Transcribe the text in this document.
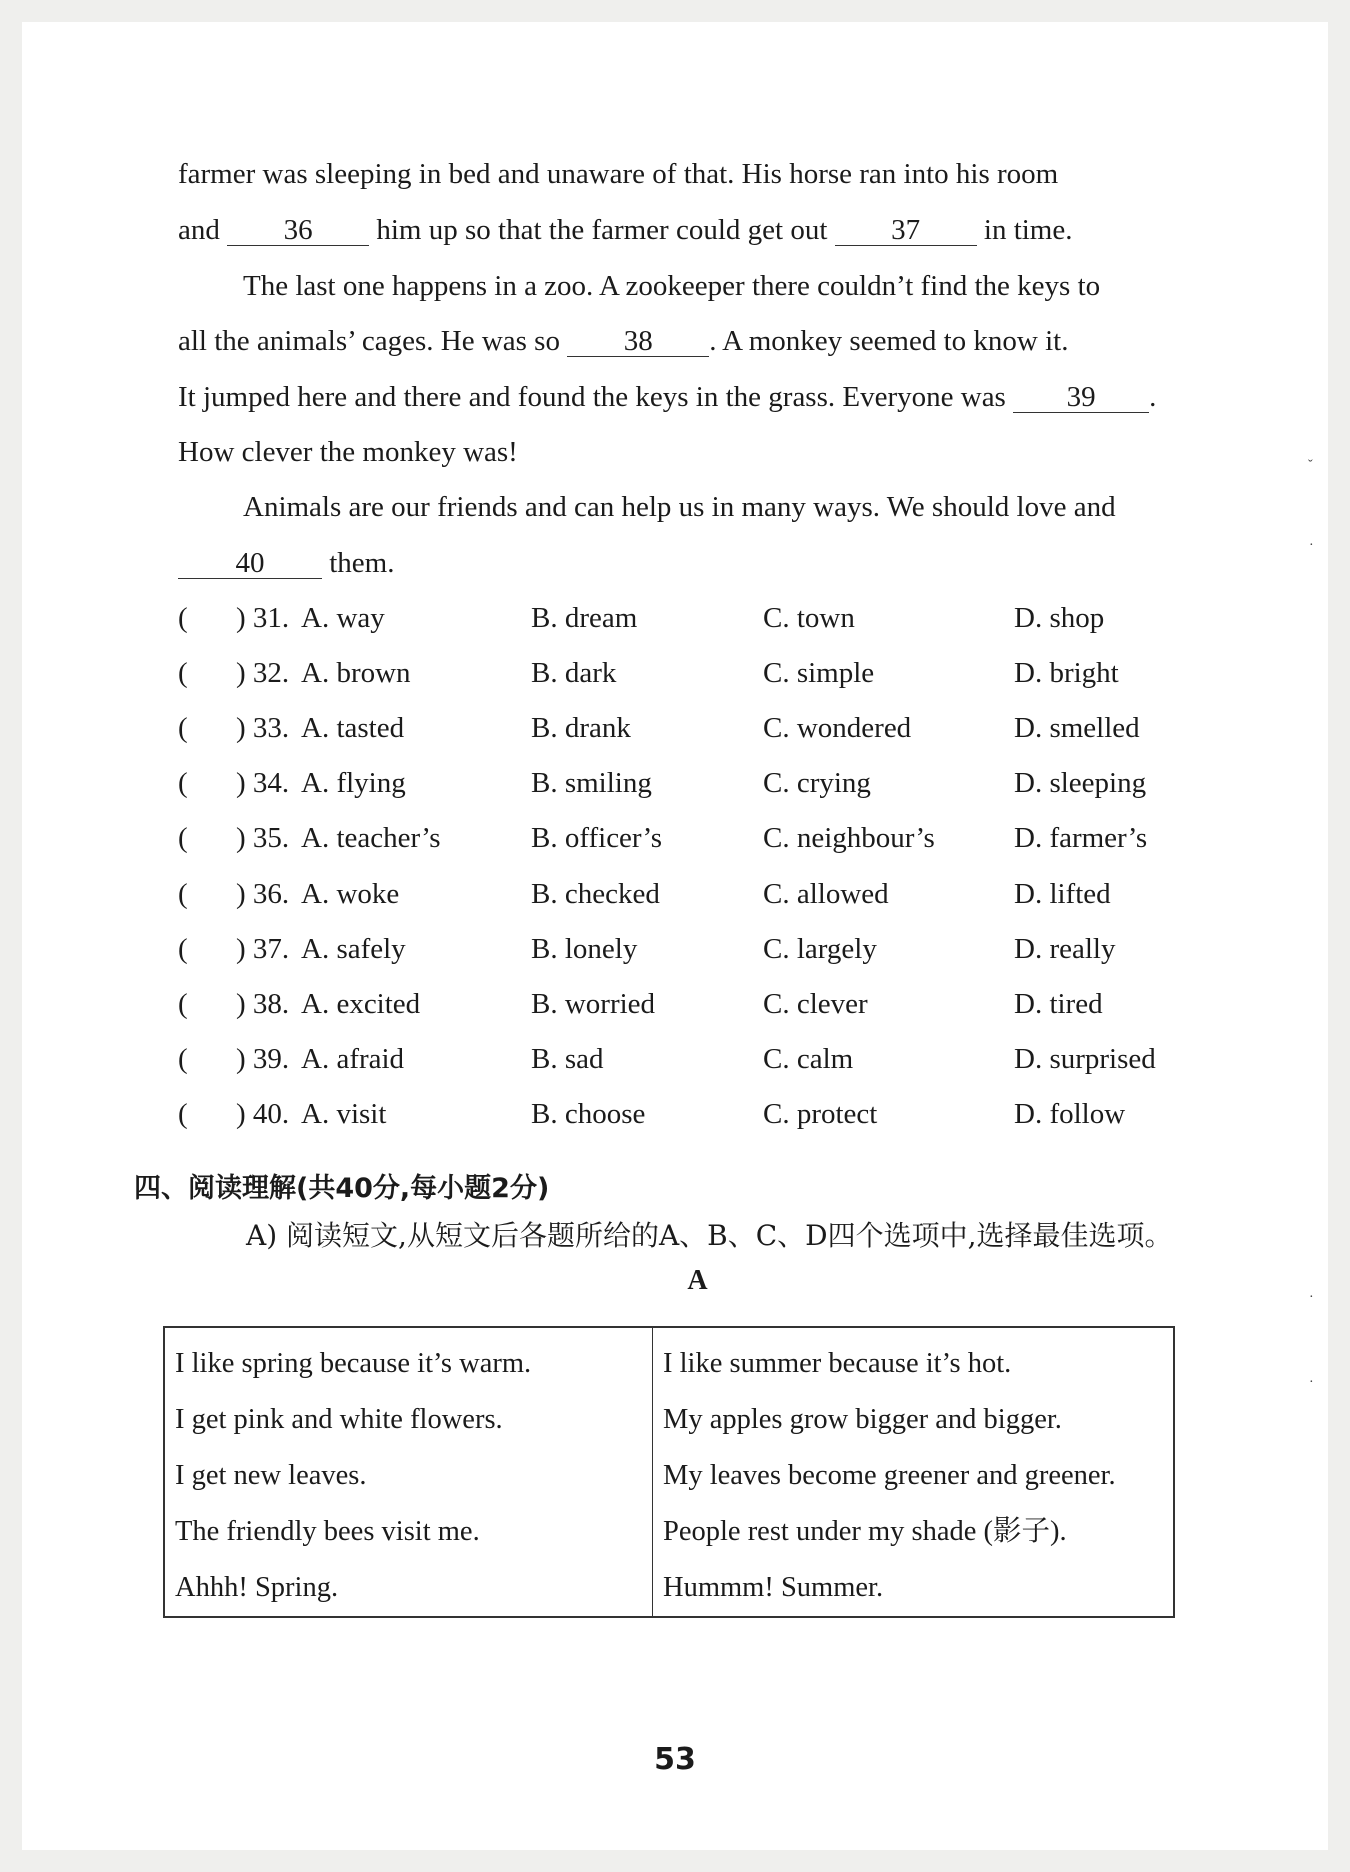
farmer was sleeping in bed and unaware of that. His horse ran into his room
and 36 him up so that the farmer could get out 37 in time.
The last one happens in a zoo. A zookeeper there couldn’t find the keys to
all the animals’ cages. He was so 38 . A monkey seemed to know it.
It jumped here and there and found the keys in the grass. Everyone was 39 .
How clever the monkey was!
Animals are our friends and can help us in many ways. We should love and
40 them.
( ) 31. A. way	B. dream	C. town	D. shop
( ) 32. A. brown	B. dark	C. simple	D. bright
( ) 33. A. tasted	B. drank	C. wondered	D. smelled
( ) 34. A. flying	B. smiling	C. crying	D. sleeping
( ) 35. A. teacher’s	B. officer’s	C. neighbour’s	D. farmer’s
( ) 36. A. woke	B. checked	C. allowed	D. lifted
( ) 37. A. safely	B. lonely	C. largely	D. really
( ) 38. A. excited	B. worried	C. clever	D. tired
( ) 39. A. afraid	B. sad	C. calm	D. surprised
( ) 40. A. visit	B. choose	C. protect	D. follow
四、阅读理解(共40分,每小题2分)
A) 阅读短文,从短文后各题所给的A、B、C、D四个选项中,选择最佳选项。
A
I like spring because it’s warm.
I get pink and white flowers.
I get new leaves.
The friendly bees visit me.
Ahhh! Spring.

I like summer because it’s hot.
My apples grow bigger and bigger.
My leaves become greener and greener.
People rest under my shade (影子).
Hummm! Summer.
53
ˇ
·
·
·
